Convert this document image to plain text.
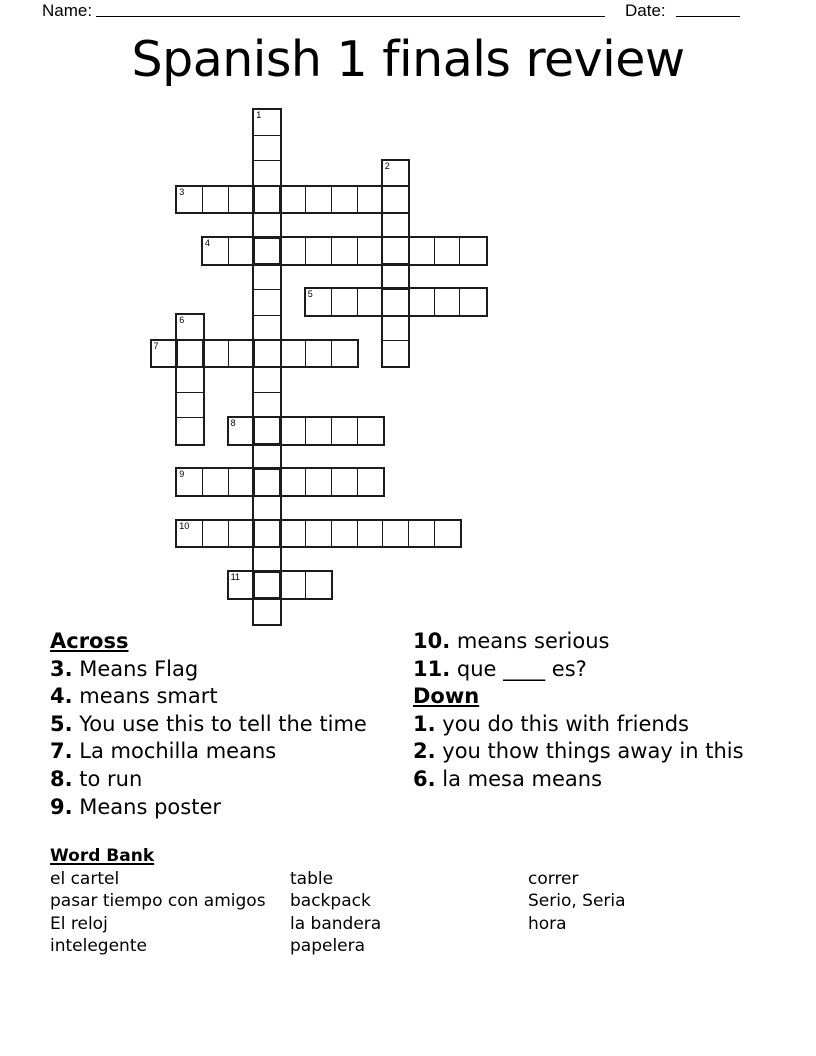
Name:	Date:
Spanish 1 finals review
1
2
3
4
5
6
7
8
9
10
11
Across
3. Means Flag
4. means smart
5. You use this to tell the time
7. La mochilla means
8. to run
9. Means poster
10. means serious
11. que ____ es?
Down
1. you do this with friends
2. you thow things away in this
6. la mesa means
Word Bank
el cartel
pasar tiempo con amigos
El reloj
intelegente
table
backpack
la bandera
papelera
correr
Serio, Seria
hora
